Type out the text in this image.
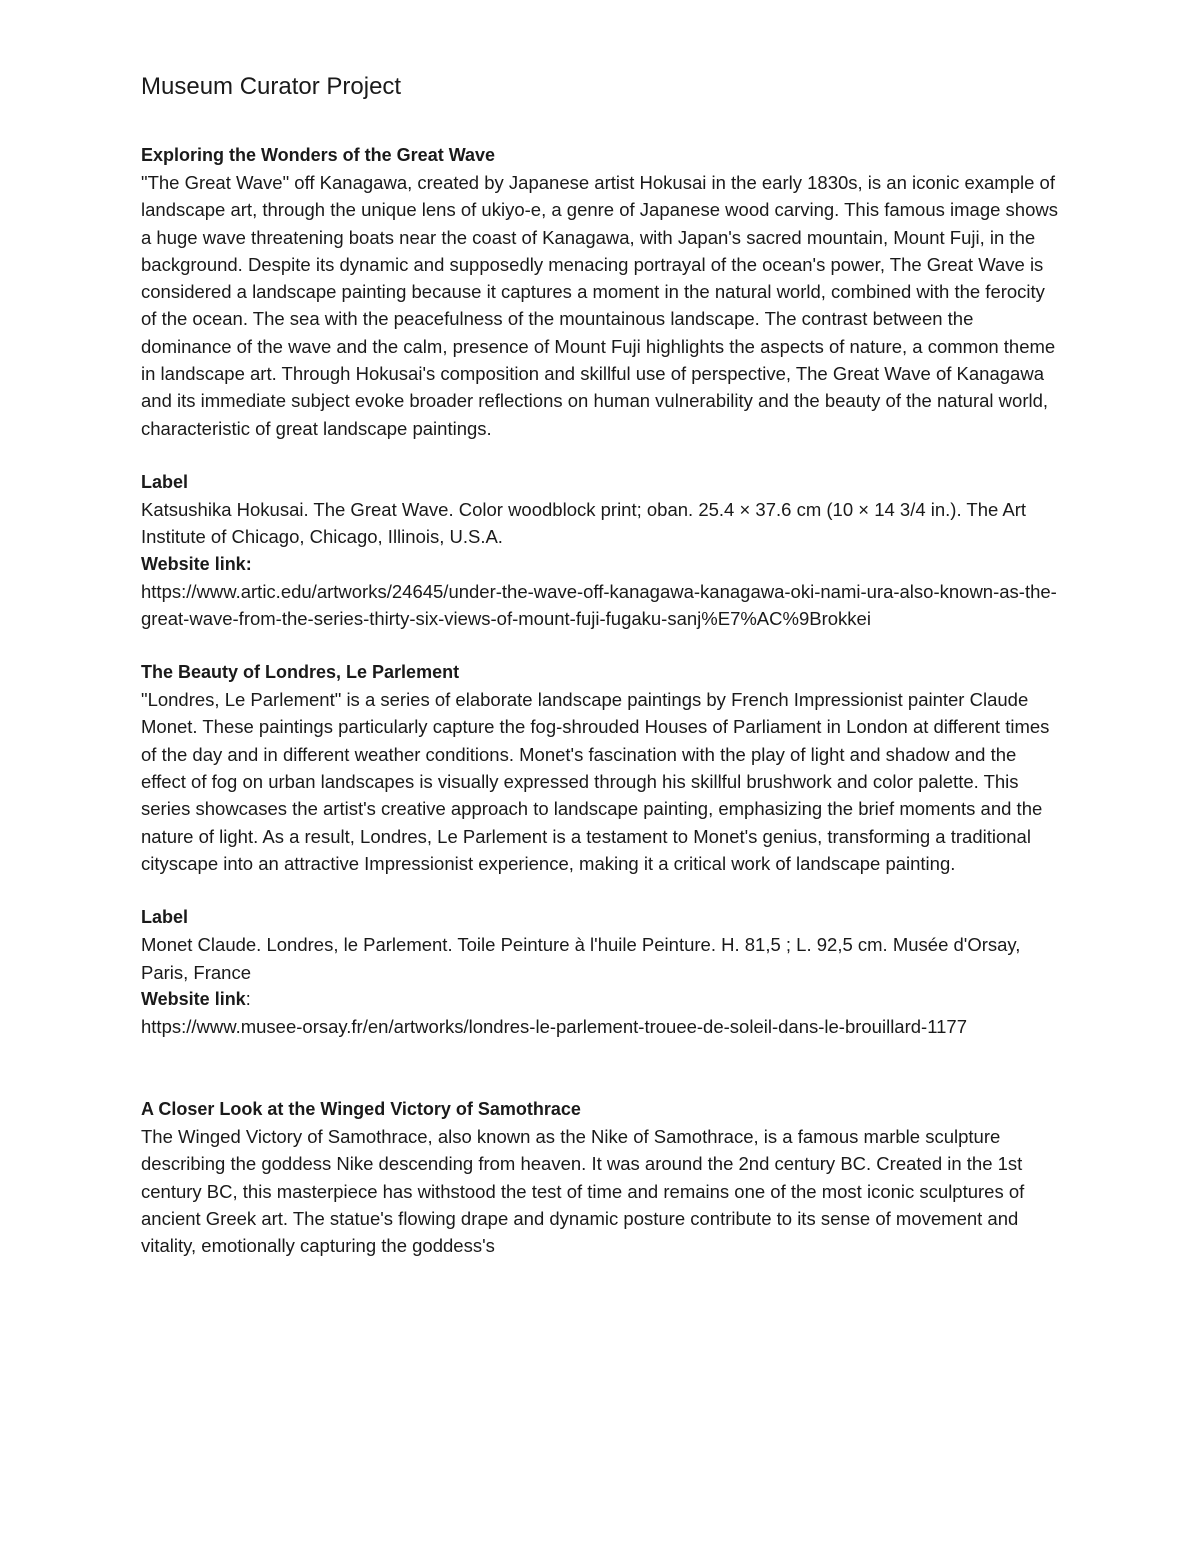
Museum Curator Project

Exploring the Wonders of the Great Wave

"The Great Wave" off Kanagawa, created by Japanese artist Hokusai in the early 1830s, is an iconic example of landscape art, through the unique lens of ukiyo-e, a genre of Japanese wood carving. This famous image shows a huge wave threatening boats near the coast of Kanagawa, with Japan's sacred mountain, Mount Fuji, in the background. Despite its dynamic and supposedly menacing portrayal of the ocean's power, The Great Wave is considered a landscape painting because it captures a moment in the natural world, combined with the ferocity of the ocean. The sea with the peacefulness of the mountainous landscape. The contrast between the dominance of the wave and the calm, presence of Mount Fuji highlights the aspects of nature, a common theme in landscape art. Through Hokusai's composition and skillful use of perspective, The Great Wave of Kanagawa and its immediate subject evoke broader reflections on human vulnerability and the beauty of the natural world, characteristic of great landscape paintings.

Label

Katsushika Hokusai. The Great Wave. Color woodblock print; oban. 25.4 × 37.6 cm (10 × 14 3/4 in.). The Art Institute of Chicago, Chicago, Illinois, U.S.A.

Website link:

https://www.artic.edu/artworks/24645/under-the-wave-off-kanagawa-kanagawa-oki-nami-ura-also-known-as-the-great-wave-from-the-series-thirty-six-views-of-mount-fuji-fugaku-sanj%E7%AC%9Brokkei

The Beauty of Londres, Le Parlement

"Londres, Le Parlement" is a series of elaborate landscape paintings by French Impressionist painter Claude Monet. These paintings particularly capture the fog-shrouded Houses of Parliament in London at different times of the day and in different weather conditions. Monet's fascination with the play of light and shadow and the effect of fog on urban landscapes is visually expressed through his skillful brushwork and color palette. This series showcases the artist's creative approach to landscape painting, emphasizing the brief moments and the nature of light. As a result, Londres, Le Parlement is a testament to Monet's genius, transforming a traditional cityscape into an attractive Impressionist experience, making it a critical work of landscape painting.

Label

Monet Claude. Londres, le Parlement. Toile Peinture à l'huile Peinture. H. 81,5 ; L. 92,5 cm. Musée d'Orsay, Paris, France

Website link:

https://www.musee-orsay.fr/en/artworks/londres-le-parlement-trouee-de-soleil-dans-le-brouillard-1177

A Closer Look at the Winged Victory of Samothrace

The Winged Victory of Samothrace, also known as the Nike of Samothrace, is a famous marble sculpture describing the goddess Nike descending from heaven. It was around the 2nd century BC. Created in the 1st century BC, this masterpiece has withstood the test of time and remains one of the most iconic sculptures of ancient Greek art. The statue's flowing drape and dynamic posture contribute to its sense of movement and vitality, emotionally capturing the goddess's
